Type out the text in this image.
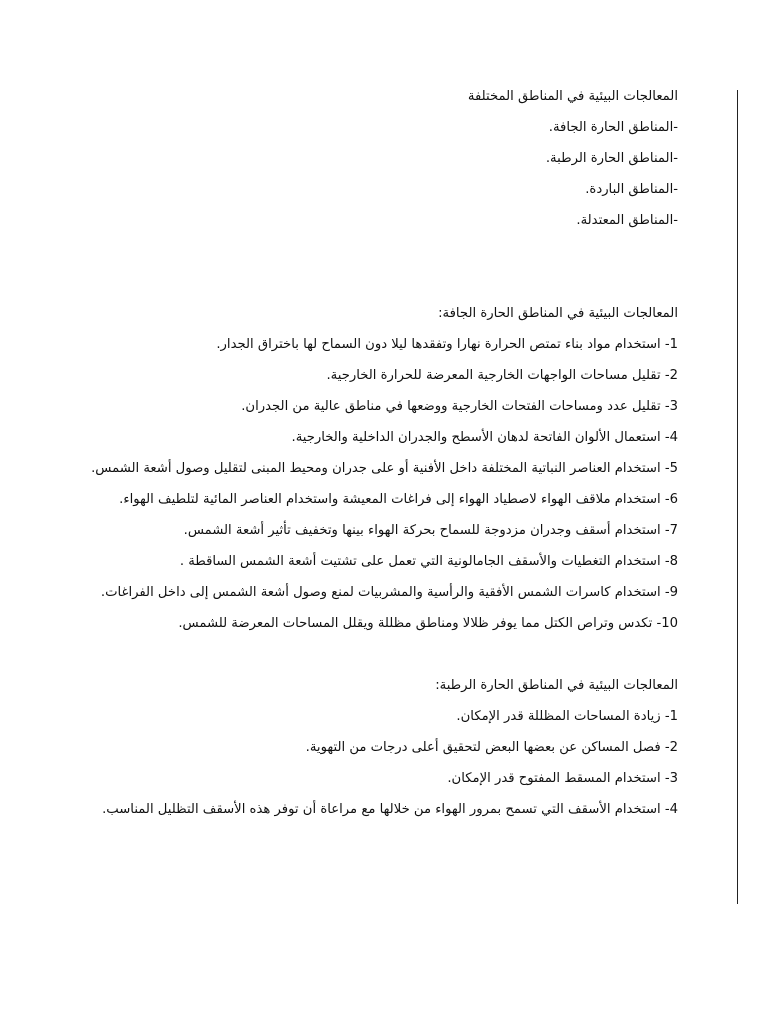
المعالجات البيئية في المناطق المختلفة

-المناطق الحارة الجافة.

-المناطق الحارة الرطبة.

-المناطق الباردة.

-المناطق المعتدلة.

المعالجات البيئية في المناطق الحارة الجافة:

1- استخدام مواد بناء تمتص الحرارة نهارا وتفقدها ليلا دون السماح لها باختراق الجدار.

2- تقليل مساحات الواجهات الخارجية المعرضة للحرارة الخارجية.

3- تقليل عدد ومساحات الفتحات الخارجية ووضعها في مناطق عالية من الجدران.

4- استعمال الألوان الفاتحة لدهان الأسطح والجدران الداخلية والخارجية.

5- استخدام العناصر النباتية المختلفة داخل الأفنية أو على جدران ومحيط المبنى لتقليل وصول أشعة الشمس.

6- استخدام ملاقف الهواء لاصطياد الهواء إلى فراغات المعيشة واستخدام العناصر المائية لتلطيف الهواء.

7- استخدام أسقف وجدران مزدوجة للسماح بحركة الهواء بينها وتخفيف تأثير أشعة الشمس.

8- استخدام التغطيات والأسقف الجامالونية التي تعمل على تشتيت أشعة الشمس الساقطة .

9- استخدام كاسرات الشمس الأفقية والرأسية والمشربيات لمنع وصول أشعة الشمس إلى داخل الفراغات.

10- تكدس وتراص الكتل مما يوفر ظلالا ومناطق مظللة ويقلل المساحات المعرضة للشمس.

المعالجات البيئية في المناطق الحارة الرطبة:

1- زيادة المساحات المظللة قدر الإمكان.

2- فصل المساكن عن بعضها البعض لتحقيق أعلى درجات من التهوية.

3- استخدام المسقط المفتوح قدر الإمكان.

4- استخدام الأسقف التي تسمح بمرور الهواء من خلالها مع مراعاة أن توفر هذه الأسقف التظليل المناسب.
